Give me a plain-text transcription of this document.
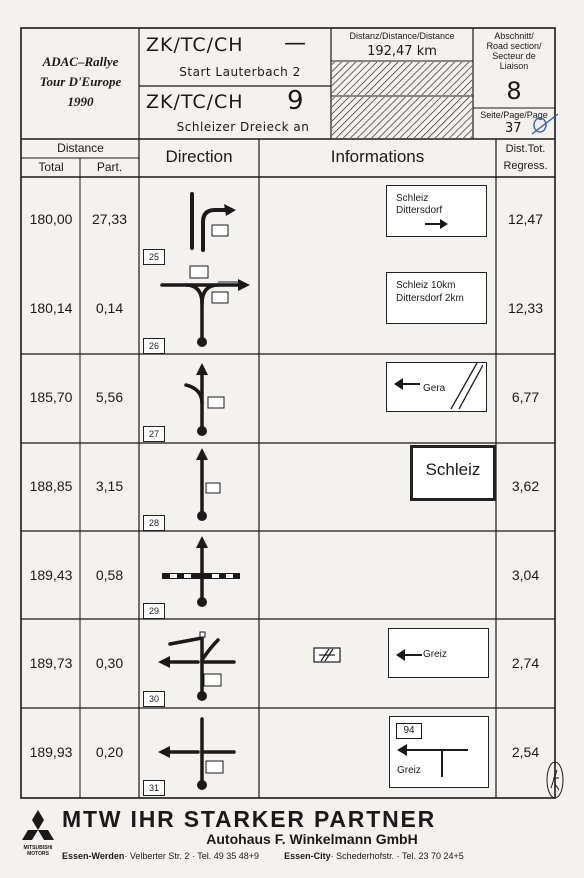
ADAC–Rallye
Tour D'Europe
1990
ZK/TC/CH —
Start Lauterbach 2
ZK/TC/CH 9
Schleizer Dreieck an
Distanz/Distance/Distance
192,47 km
Abschnitt/
Road section/
Secteur de
Liaison
8
Seite/Page/Page
37
Distance
Total	Part.
Direction	Informations	Dist.Tot.
Regress.
180,00	27,33	12,47
25
Schleiz
Dittersdorf
180,14	0,14	12,33
26
Schleiz 10km
Dittersdorf 2km
185,70	5,56	6,77
27
Gera
188,85	3,15	3,62
28
Schleiz
189,43	0,58	3,04
29
189,73	0,30	2,74
30
Greiz
189,93	0,20	2,54
31
94
Greiz
MITSUBISHI MOTORS
MTW IHR STARKER PARTNER
Autohaus F. Winkelmann GmbH
Essen-Werden· Velberter Str. 2 · Tel. 49 35 48+9	Essen-City· Schederhofstr. · Tel. 23 70 24+5
